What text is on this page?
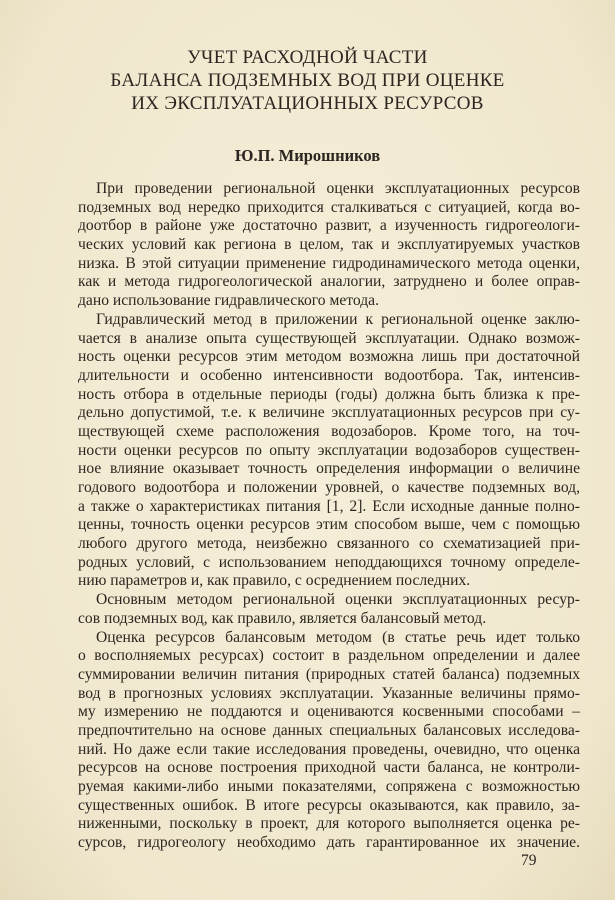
УЧЕТ РАСХОДНОЙ ЧАСТИ
БАЛАНСА ПОДЗЕМНЫХ ВОД ПРИ ОЦЕНКЕ
ИХ ЭКСПЛУАТАЦИОННЫХ РЕСУРСОВ
Ю.П. Мирошников
При проведении региональной оценки эксплуатационных ресурсов
подземных вод нередко приходится сталкиваться с ситуацией, когда во-
доотбор в районе уже достаточно развит, а изученность гидрогеологи-
ческих условий как региона в целом, так и эксплуатируемых участков
низка. В этой ситуации применение гидродинамического метода оценки,
как и метода гидрогеологической аналогии, затруднено и более оправ-
дано использование гидравлического метода.
Гидравлический метод в приложении к региональной оценке заклю-
чается в анализе опыта существующей эксплуатации. Однако возмож-
ность оценки ресурсов этим методом возможна лишь при достаточной
длительности и особенно интенсивности водоотбора. Так, интенсив-
ность отбора в отдельные периоды (годы) должна быть близка к пре-
дельно допустимой, т.е. к величине эксплуатационных ресурсов при су-
ществующей схеме расположения водозаборов. Кроме того, на точ-
ности оценки ресурсов по опыту эксплуатации водозаборов существен-
ное влияние оказывает точность определения информации о величине
годового водоотбора и положении уровней, о качестве подземных вод,
а также о характеристиках питания [1, 2]. Если исходные данные полно-
ценны, точность оценки ресурсов этим способом выше, чем с помощью
любого другого метода, неизбежно связанного со схематизацией при-
родных условий, с использованием неподдающихся точному определе-
нию параметров и, как правило, с осреднением последних.
Основным методом региональной оценки эксплуатационных ресур-
сов подземных вод, как правило, является балансовый метод.
Оценка ресурсов балансовым методом (в статье речь идет только
о восполняемых ресурсах) состоит в раздельном определении и далее
суммировании величин питания (природных статей баланса) подземных
вод в прогнозных условиях эксплуатации. Указанные величины прямо-
му измерению не поддаются и оцениваются косвенными способами –
предпочтительно на основе данных специальных балансовых исследова-
ний. Но даже если такие исследования проведены, очевидно, что оценка
ресурсов на основе построения приходной части баланса, не контроли-
руемая какими-либо иными показателями, сопряжена с возможностью
существенных ошибок. В итоге ресурсы оказываются, как правило, за-
ниженными, поскольку в проект, для которого выполняется оценка ре-
сурсов, гидрогеологу необходимо дать гарантированное их значение.
79
